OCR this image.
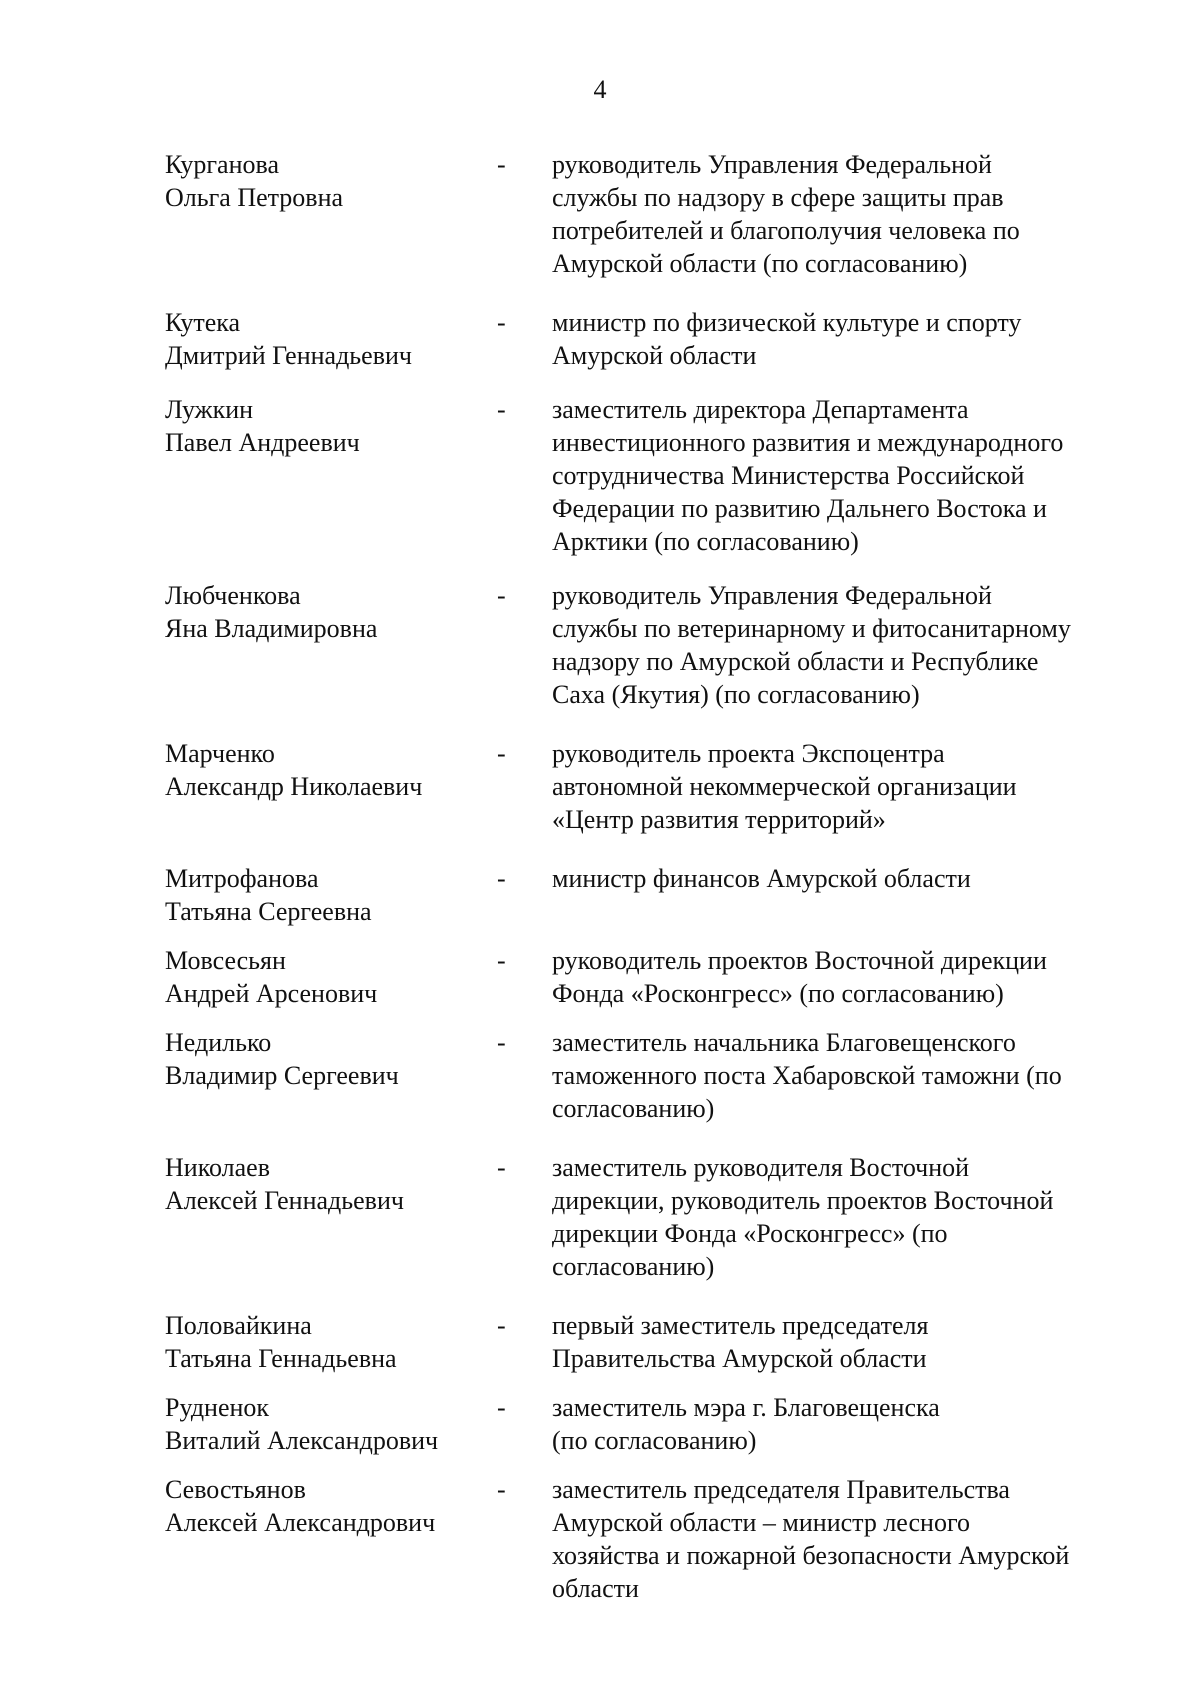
4
Курганова
Ольга Петровна
- руководитель Управления Федеральной
службы по надзору в сфере защиты прав
потребителей и благополучия человека по
Амурской области (по согласованию)
Кутека
Дмитрий Геннадьевич
- министр по физической культуре и спорту
Амурской области
Лужкин
Павел Андреевич
- заместитель директора Департамента
инвестиционного развития и международного
сотрудничества Министерства Российской
Федерации по развитию Дальнего Востока и
Арктики (по согласованию)
Любченкова
Яна Владимировна
- руководитель Управления Федеральной
службы по ветеринарному и фитосанитарному
надзору по Амурской области и Республике
Саха (Якутия) (по согласованию)
Марченко
Александр Николаевич
- руководитель проекта Экспоцентра
автономной некоммерческой организации
«Центр развития территорий»
Митрофанова
Татьяна Сергеевна
- министр финансов Амурской области
Мовсесьян
Андрей Арсенович
- руководитель проектов Восточной дирекции
Фонда «Росконгресс» (по согласованию)
Недилько
Владимир Сергеевич
- заместитель начальника Благовещенского
таможенного поста Хабаровской таможни (по
согласованию)
Николаев
Алексей Геннадьевич
- заместитель руководителя Восточной
дирекции, руководитель проектов Восточной
дирекции Фонда «Росконгресс» (по
согласованию)
Половайкина
Татьяна Геннадьевна
- первый заместитель председателя
Правительства Амурской области
Рудненок
Виталий Александрович
- заместитель мэра г. Благовещенска
(по согласованию)
Севостьянов
Алексей Александрович
- заместитель председателя Правительства
Амурской области – министр лесного
хозяйства и пожарной безопасности Амурской
области
